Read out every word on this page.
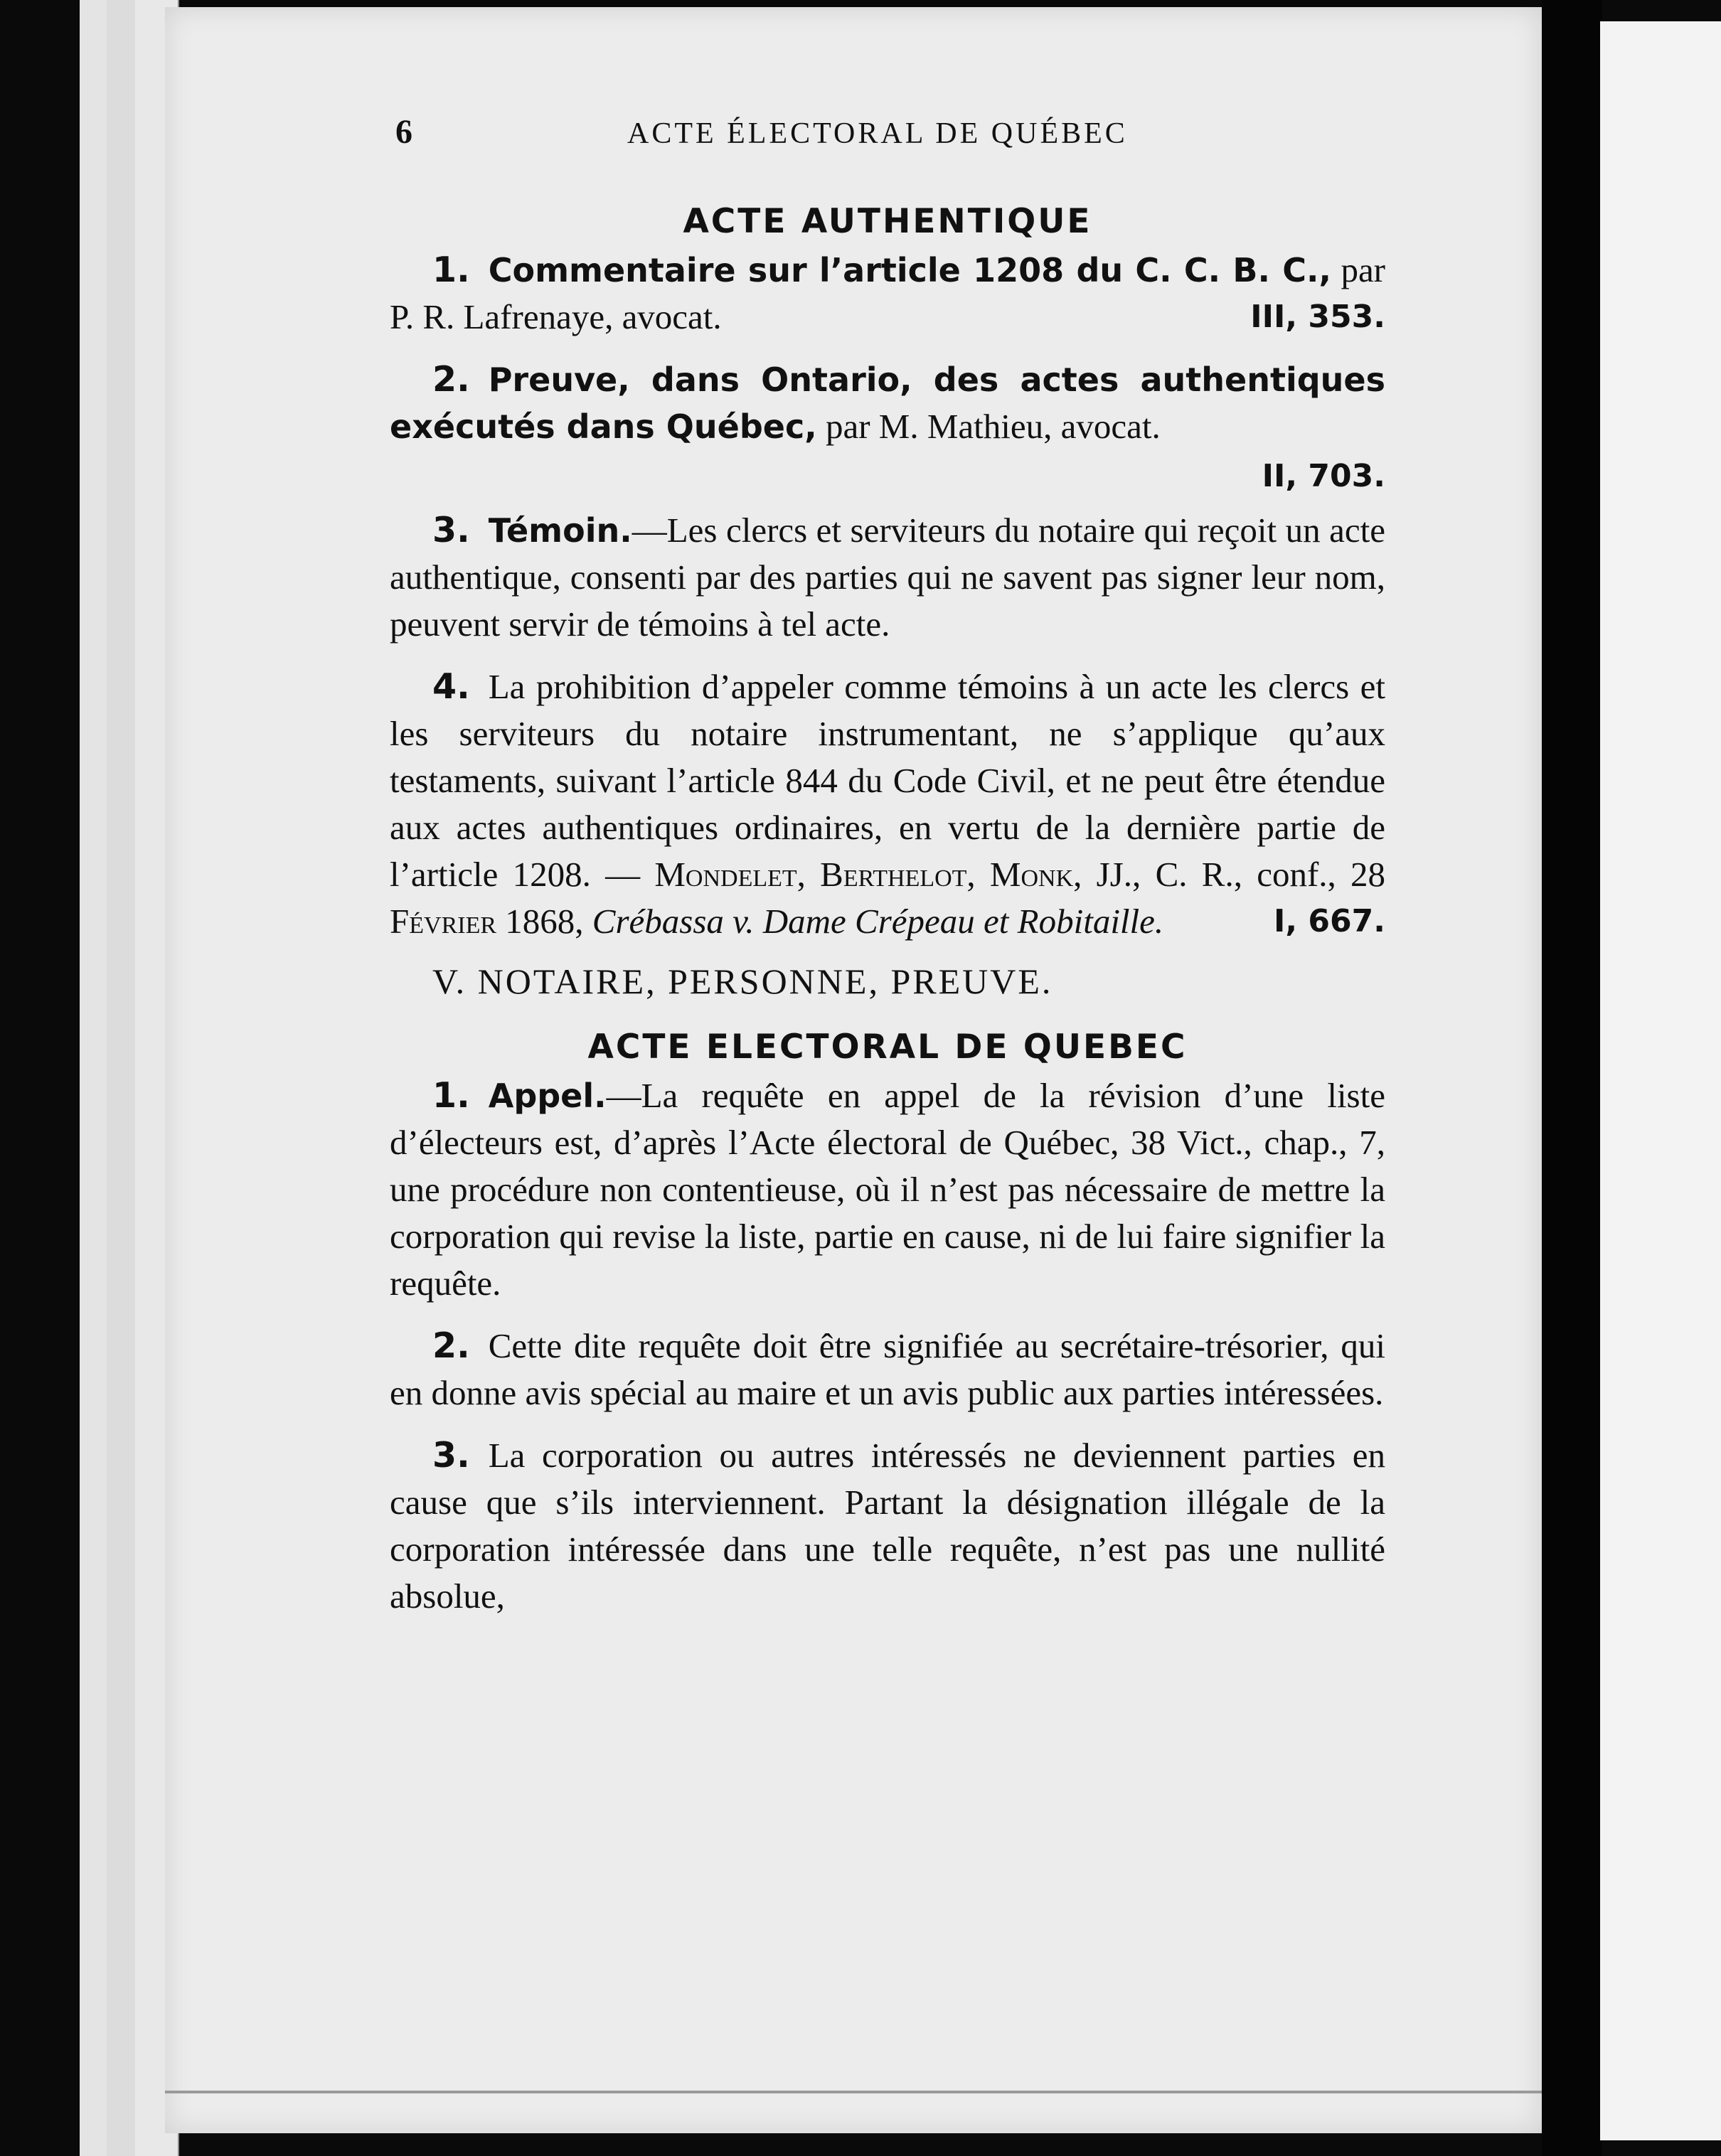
6	ACTE ÉLECTORAL DE QUÉBEC
ACTE AUTHENTIQUE
1. Commentaire sur l’article 1208 du C. C. B. C., par P. R. Lafrenaye, avocat.	III, 353.
2. Preuve, dans Ontario, des actes authentiques exécutés dans Québec, par M. Mathieu, avocat.
II, 703.
3. Témoin.—Les clercs et serviteurs du notaire qui reçoit un acte authentique, consenti par des parties qui ne savent pas signer leur nom, peuvent servir de témoins à tel acte.
4. La prohibition d’appeler comme témoins à un acte les clercs et les serviteurs du notaire instrumentant, ne s’applique qu’aux testaments, suivant l’article 844 du Code Civil, et ne peut être étendue aux actes authentiques ordinaires, en vertu de la dernière partie de l’article 1208. — Mondelet, Berthelot, Monk, JJ., C. R., conf., 28 Février 1868, Crébassa v. Dame Crépeau et Robitaille.	I, 667.
V. NOTAIRE, PERSONNE, PREUVE.
ACTE ELECTORAL DE QUEBEC
1. Appel.—La requête en appel de la révision d’une liste d’électeurs est, d’après l’Acte électoral de Québec, 38 Vict., chap., 7, une procédure non contentieuse, où il n’est pas nécessaire de mettre la corporation qui revise la liste, partie en cause, ni de lui faire signifier la requête.
2. Cette dite requête doit être signifiée au secrétaire-trésorier, qui en donne avis spécial au maire et un avis public aux parties intéressées.
3. La corporation ou autres intéressés ne deviennent parties en cause que s’ils interviennent. Partant la désignation illégale de la corporation intéressée dans une telle requête, n’est pas une nullité absolue,
